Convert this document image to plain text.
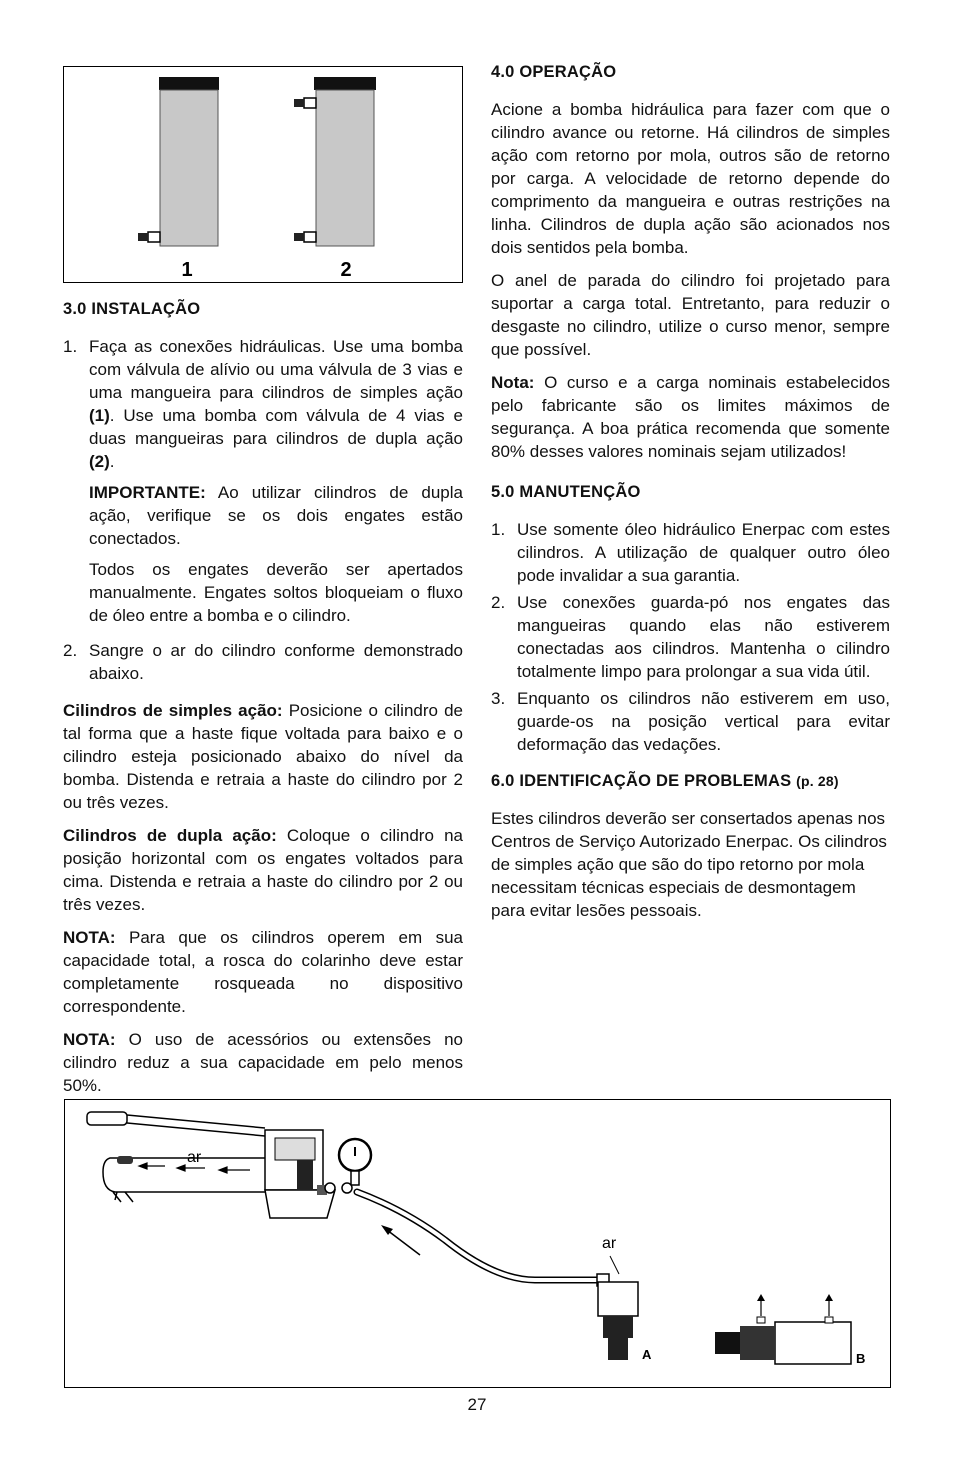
1	2
3.0 INSTALAÇÃO
1. Faça as conexões hidráulicas. Use uma bomba com válvula de alívio ou uma válvula de 3 vias e uma mangueira para cilindros de simples ação (1). Use uma bomba com válvula de 4 vias e duas mangueiras para cilindros de dupla ação (2).

IMPORTANTE: Ao utilizar cilindros de dupla ação, verifique se os dois engates estão conectados.

Todos os engates deverão ser apertados manualmente. Engates soltos bloqueiam o fluxo de óleo entre a bomba e o cilindro.

2. Sangre o ar do cilindro conforme demonstrado abaixo.

Cilindros de simples ação: Posicione o cilindro de tal forma que a haste fique voltada para baixo e o cilindro esteja posicionado abaixo do nível da bomba. Distenda e retraia a haste do cilindro por 2 ou três vezes.

Cilindros de dupla ação: Coloque o cilindro na posição horizontal com os engates voltados para cima. Distenda e retraia a haste do cilindro por 2 ou três vezes.

NOTA: Para que os cilindros operem em sua capacidade total, a rosca do colarinho deve estar completamente rosqueada no dispositivo correspondente.

NOTA: O uso de acessórios ou extensões no cilindro reduz a sua capacidade em pelo menos 50%.

4.0 OPERAÇÃO

Acione a bomba hidráulica para fazer com que o cilindro avance ou retorne. Há cilindros de simples ação com retorno por mola, outros são de retorno por carga. A velocidade de retorno depende do comprimento da mangueira e outras restrições na linha. Cilindros de dupla ação são acionados nos dois sentidos pela bomba.

O anel de parada do cilindro foi projetado para suportar a carga total. Entretanto, para reduzir o desgaste no cilindro, utilize o curso menor, sempre que possível.

Nota: O curso e a carga nominais estabelecidos pelo fabricante são os limites máximos de segurança. A boa prática recomenda que somente 80% desses valores nominais sejam utilizados!

5.0 MANUTENÇÃO
1. Use somente óleo hidráulico Enerpac com estes cilindros. A utilização de qualquer outro óleo pode invalidar a sua garantia.
2. Use conexões guarda-pó nos engates das mangueiras quando elas não estiverem conectadas aos cilindros. Mantenha o cilindro totalmente limpo para prolongar a sua vida útil.
3. Enquanto os cilindros não estiverem em uso, guarde-os na posição vertical para evitar deformação das vedações.
6.0 IDENTIFICAÇÃO DE PROBLEMAS (p. 28)

Estes cilindros deverão ser consertados apenas nos Centros de Serviço Autorizado Enerpac. Os cilindros de simples ação que são do tipo retorno por mola necessitam técnicas especiais de desmontagem para evitar lesões pessoais.

ar
ar
A	B
27
